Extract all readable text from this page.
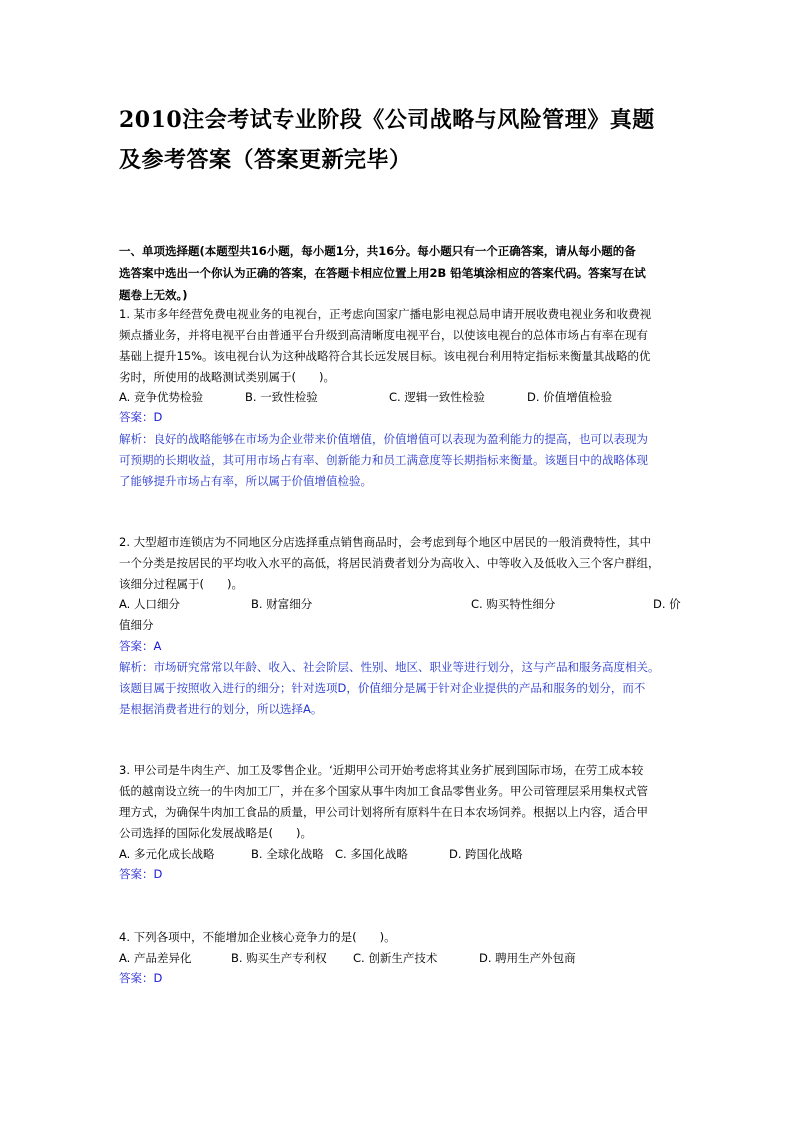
2010注会考试专业阶段《公司战略与风险管理》真题
及参考答案（答案更新完毕）
一、单项选择题(本题型共16小题，每小题1分，共16分。每小题只有一个正确答案，请从每小题的备
选答案中选出一个你认为正确的答案，在答题卡相应位置上用2B 铅笔填涂相应的答案代码。答案写在试
题卷上无效。)
1. 某市多年经营免费电视业务的电视台，正考虑向国家广播电影电视总局申请开展收费电视业务和收费视
频点播业务，并将电视平台由普通平台升级到高清晰度电视平台，以使该电视台的总体市场占有率在现有
基础上提升15%。该电视台认为这种战略符合其长远发展目标。该电视台利用特定指标来衡量其战略的优
劣时，所使用的战略测试类别属于(　　)。
A. 竞争优势检验	B. 一致性检验	C. 逻辑一致性检验	D. 价值增值检验
答案：D
解析：良好的战略能够在市场为企业带来价值增值，价值增值可以表现为盈利能力的提高，也可以表现为
可预期的长期收益，其可用市场占有率、创新能力和员工满意度等长期指标来衡量。该题目中的战略体现
了能够提升市场占有率，所以属于价值增值检验。
2. 大型超市连锁店为不同地区分店选择重点销售商品时，会考虑到每个地区中居民的一般消费特性，其中
一个分类是按居民的平均收入水平的高低，将居民消费者划分为高收入、中等收入及低收入三个客户群组，
该细分过程属于(　　)。
A. 人口细分	B. 财富细分	C. 购买特性细分	D. 价
值细分
答案：A
解析：市场研究常常以年龄、收入、社会阶层、性别、地区、职业等进行划分，这与产品和服务高度相关。
该题目属于按照收入进行的细分；针对选项D，价值细分是属于针对企业提供的产品和服务的划分，而不
是根据消费者进行的划分，所以选择A。
3. 甲公司是牛肉生产、加工及零售企业。‘近期甲公司开始考虑将其业务扩展到国际市场，在劳工成本较
低的越南设立统一的牛肉加工厂，并在多个国家从事牛肉加工食品零售业务。甲公司管理层采用集权式管
理方式，为确保牛肉加工食品的质量，甲公司计划将所有原料牛在日本农场饲养。根据以上内容，适合甲
公司选择的国际化发展战略是(　　)。
A. 多元化成长战略	B. 全球化战略 C. 多国化战略	D. 跨国化战略
答案：D
4. 下列各项中，不能增加企业核心竞争力的是(　　)。
A. 产品差异化	B. 购买生产专利权 C. 创新生产技术	D. 聘用生产外包商
答案：D
